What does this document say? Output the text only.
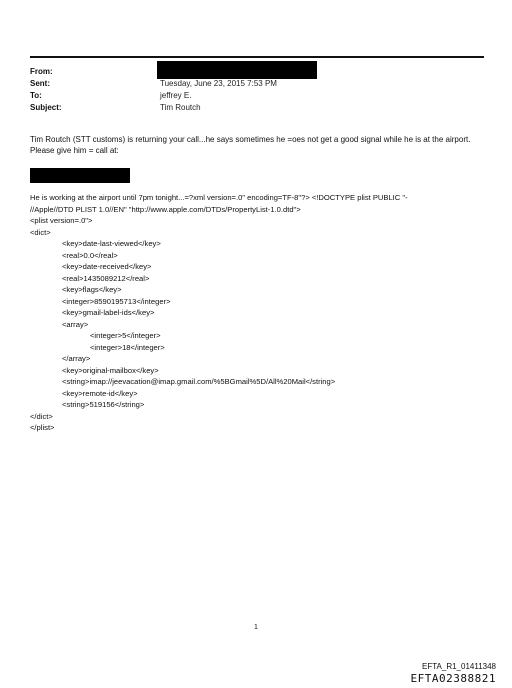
From:
Sent:	Tuesday, June 23, 2015 7:53 PM
To:	jeffrey E.
Subject:	Tim Routch

Tim Routch (STT customs) is returning your call...he says sometimes he =oes not get a good signal while he is at the airport. Please give him = call at:

He is working at the airport until 7pm tonight...=?xml version=.0" encoding=TF-8"?> <!DOCTYPE plist PUBLIC "-
//Apple//DTD PLIST 1.0//EN" "http://www.apple.com/DTDs/PropertyList-1.0.dtd">
<plist version=.0">
<dict>
<key>date-last-viewed</key>
<real>0.0</real>
<key>date-received</key>
<real>1435089212</real>
<key>flags</key>
<integer>8590195713</integer>
<key>gmail-label-ids</key>
<array>
<integer>5</integer>
<integer>18</integer>
</array>
<key>original-mailbox</key>
<string>imap://jeevacation@imap.gmail.com/%5BGmail%5D/All%20Mail</string>
<key>remote-id</key>
<string>519156</string>
</dict>
</plist>
1
EFTA_R1_01411348
EFTA02388821
